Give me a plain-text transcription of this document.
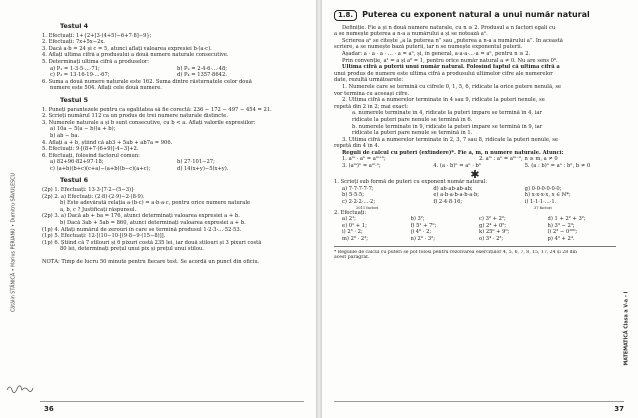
Cătălin STĂNICĂ • Marius PERIANU • Dumitru SĂVULESCU
Testul 4
1. Efectuați: 1+{2+[3·(4+5)−6+7·8]−9};
2. Efectuați: 7x+5x−2x.
3. Dacă a·b = 24 și c = 5, atunci aflați valoarea expresiei b·(a·c).
4. Aflați ultima cifră a produsului a două numere naturale consecutive.
5. Determinați ultima cifră a produselor:
a) P₁ = 1·3·5·...·71;	b) P₂ = 2·4·6·...·48;
c) P₃ = 13·16·19·...·67;	d) P₄ = 1357·8642.
6. Suma a două numere naturale este 162. Suma dintre răsturnatele celor două
numere este 504. Aflați cele două numere.
Testul 5
1. Puneți parantezele pentru ca egalitatea să fie corectă: 236 − 172 − 497 − 454 = 21.
2. Scrieți numărul 112 ca un produs de trei numere naturale distincte.
3. Numerele naturale a și b sunt consecutive, cu b < a. Aflați valorile expresiilor:
a) 10a − 5(a − b)(a + b);
b) ab − ba.
4. Aflați a + b, știind că ab3 + 5ab + ab7a = 906.
5. Efectuați: 9·[(8+7·(6+9)]·4−3]+2.
6. Efectuați, folosind factorul comun:
a) 82+96·82+97·18;	b) 27·101−27;
c) (a+b)(b+c)(c+a)−(a+b)(b−c)(a+c);	d) 14(x+y)−5(x+y).
Testul 6
(2p) 1. Efectuați: 13·3·[7·2−(5−3)]·
(2p) 2. a) Efectuați: (2·8)·(2·9)−2·(8·9).
b) Este adevărată relația a·(b·c) = a·b·a·c, pentru orice numere naturale
a, b, c ? Justificați răspunsul.
(2p) 3. a) Dacă ab + ba = 176, atunci determinați valoarea expresiei a + b.
b) Dacă 3ab + 5ab = 860, atunci determinați valoarea expresiei a + b.
(1p) 4. Aflați numărul de zerouri în care se termină produsul 1·2·3·...·52·53.
(1p) 5. Efectuați: 12·[(10−10·[(9·8−9·(15−8)]].
(1p) 6. Știind că 7 stilouri și 6 pixuri costă 235 lei, iar două stilouri și 3 pixuri costă
80 lei, determinați prețul unui pix și prețul unui stilou.
NOTĂ: Timp de lucru 50 minute pentru fiecare test. Se acordă un punct din oficiu.
36
MATEMATICĂ Clasa a V-a – I
1.8.	Puterea cu exponent natural a unui număr natural
Definiție. Fie a și n două numere naturale, cu n ≥ 2. Produsul a n factori egali cu
a se numește puterea a n-a a numărului a și se notează aⁿ.
Scrierea aⁿ se citește „a la puterea n” sau „puterea a n-a a numărului a”. În această
scriere, a se numește bază puterii, iar n se numește exponentul puterii.
Așadar: a · a · a · ... · a = aⁿ, și, în general, a·a·a·...·a = aⁿ, pentru n ≥ 2.
Prin convenție, a¹ = a și a⁰ = 1, pentru orice număr natural a ≠ 0. Nu are sens 0⁰.
Ultima cifră a puterii unui număr natural. Folosind faptul că ultima cifră a
unui produs de numere este ultima cifră a produsului ultimelor cifre ale numerelor
date, rezultă următoarele:
1. Numerele care se termină cu cifrele 0, 1, 5, 6, ridicate la orice putere nenulă, se
vor termina cu aceeași cifre.
2. Ultima cifră a numerelor terminate în 4 sau 9, ridicate la puteri nenule, se
repetă din 2 în 2; mai exact:
a. numerele terminate în 4, ridicate la puteri impare se termină în 4, iar
ridicate la puteri pare nenule se termină în 6.
b. numerele terminate în 9, ridicate la puteri impare se termină în 9, iar
ridicate la puteri pare nenule se termină în 1.
3. Ultima cifră a numerelor terminate în 2, 3, 7 sau 8, ridicate la puteri nenule, se
repetă din 4 în 4.
Reguli de calcul cu puteri (extindere)*. Fie a, m, n numere naturale. Atunci:
1. aᵐ · aⁿ = aᵐ⁺ⁿ;	2. aᵐ : aⁿ = aᵐ⁻ⁿ, n ≥ m, a ≠ 0
3. (aᵐ)ⁿ = aᵐ·ⁿ;	4. (a · b)ⁿ = aⁿ · bⁿ	5. (a : b)ⁿ = aⁿ : bⁿ, b ≠ 0
✱
1. Scrieți sub formă de puteri cu exponent număr natural:
a) 7·7·7·7·7;	d) ab·ab·ab·ab;	g) 0·0·0·0·0·0;
b) 5·5·5;	e) a·b·a·b·a·b·a·b;	h) x·x·x·x, x ∈ ℕ*;
c) 2·2·2·...·2;	f) 2·4·8·16;	i) 1·1·1·...·1.
2011 factori	37 factori
2. Efectuați:
a) 2¹;	b) 3²;	c) 3² + 2²;	d) 1 + 2² + 3²;
e) 0¹ + 1;	f) 5¹ + 7⁰;	g) 2⁴ + 0⁵;	h) 3³ − 2³;
i) 2³ · 2;	j) 4⁰ · 2;	k) 25⁰ + 9⁰;	l) 2³ − 0¹⁰⁰;
m) 2⁰ · 2³;	n) 2⁰ · 3²;	o) 3⁴ · 2³;	p) 4³ + 2⁴.
* Regulile de calcul cu puteri se pot folosi pentru rezolvarea exercițiilor 4, 5, 6, 7, 8, 15, 17, 24 și 28 din
acest paragraf.
37
